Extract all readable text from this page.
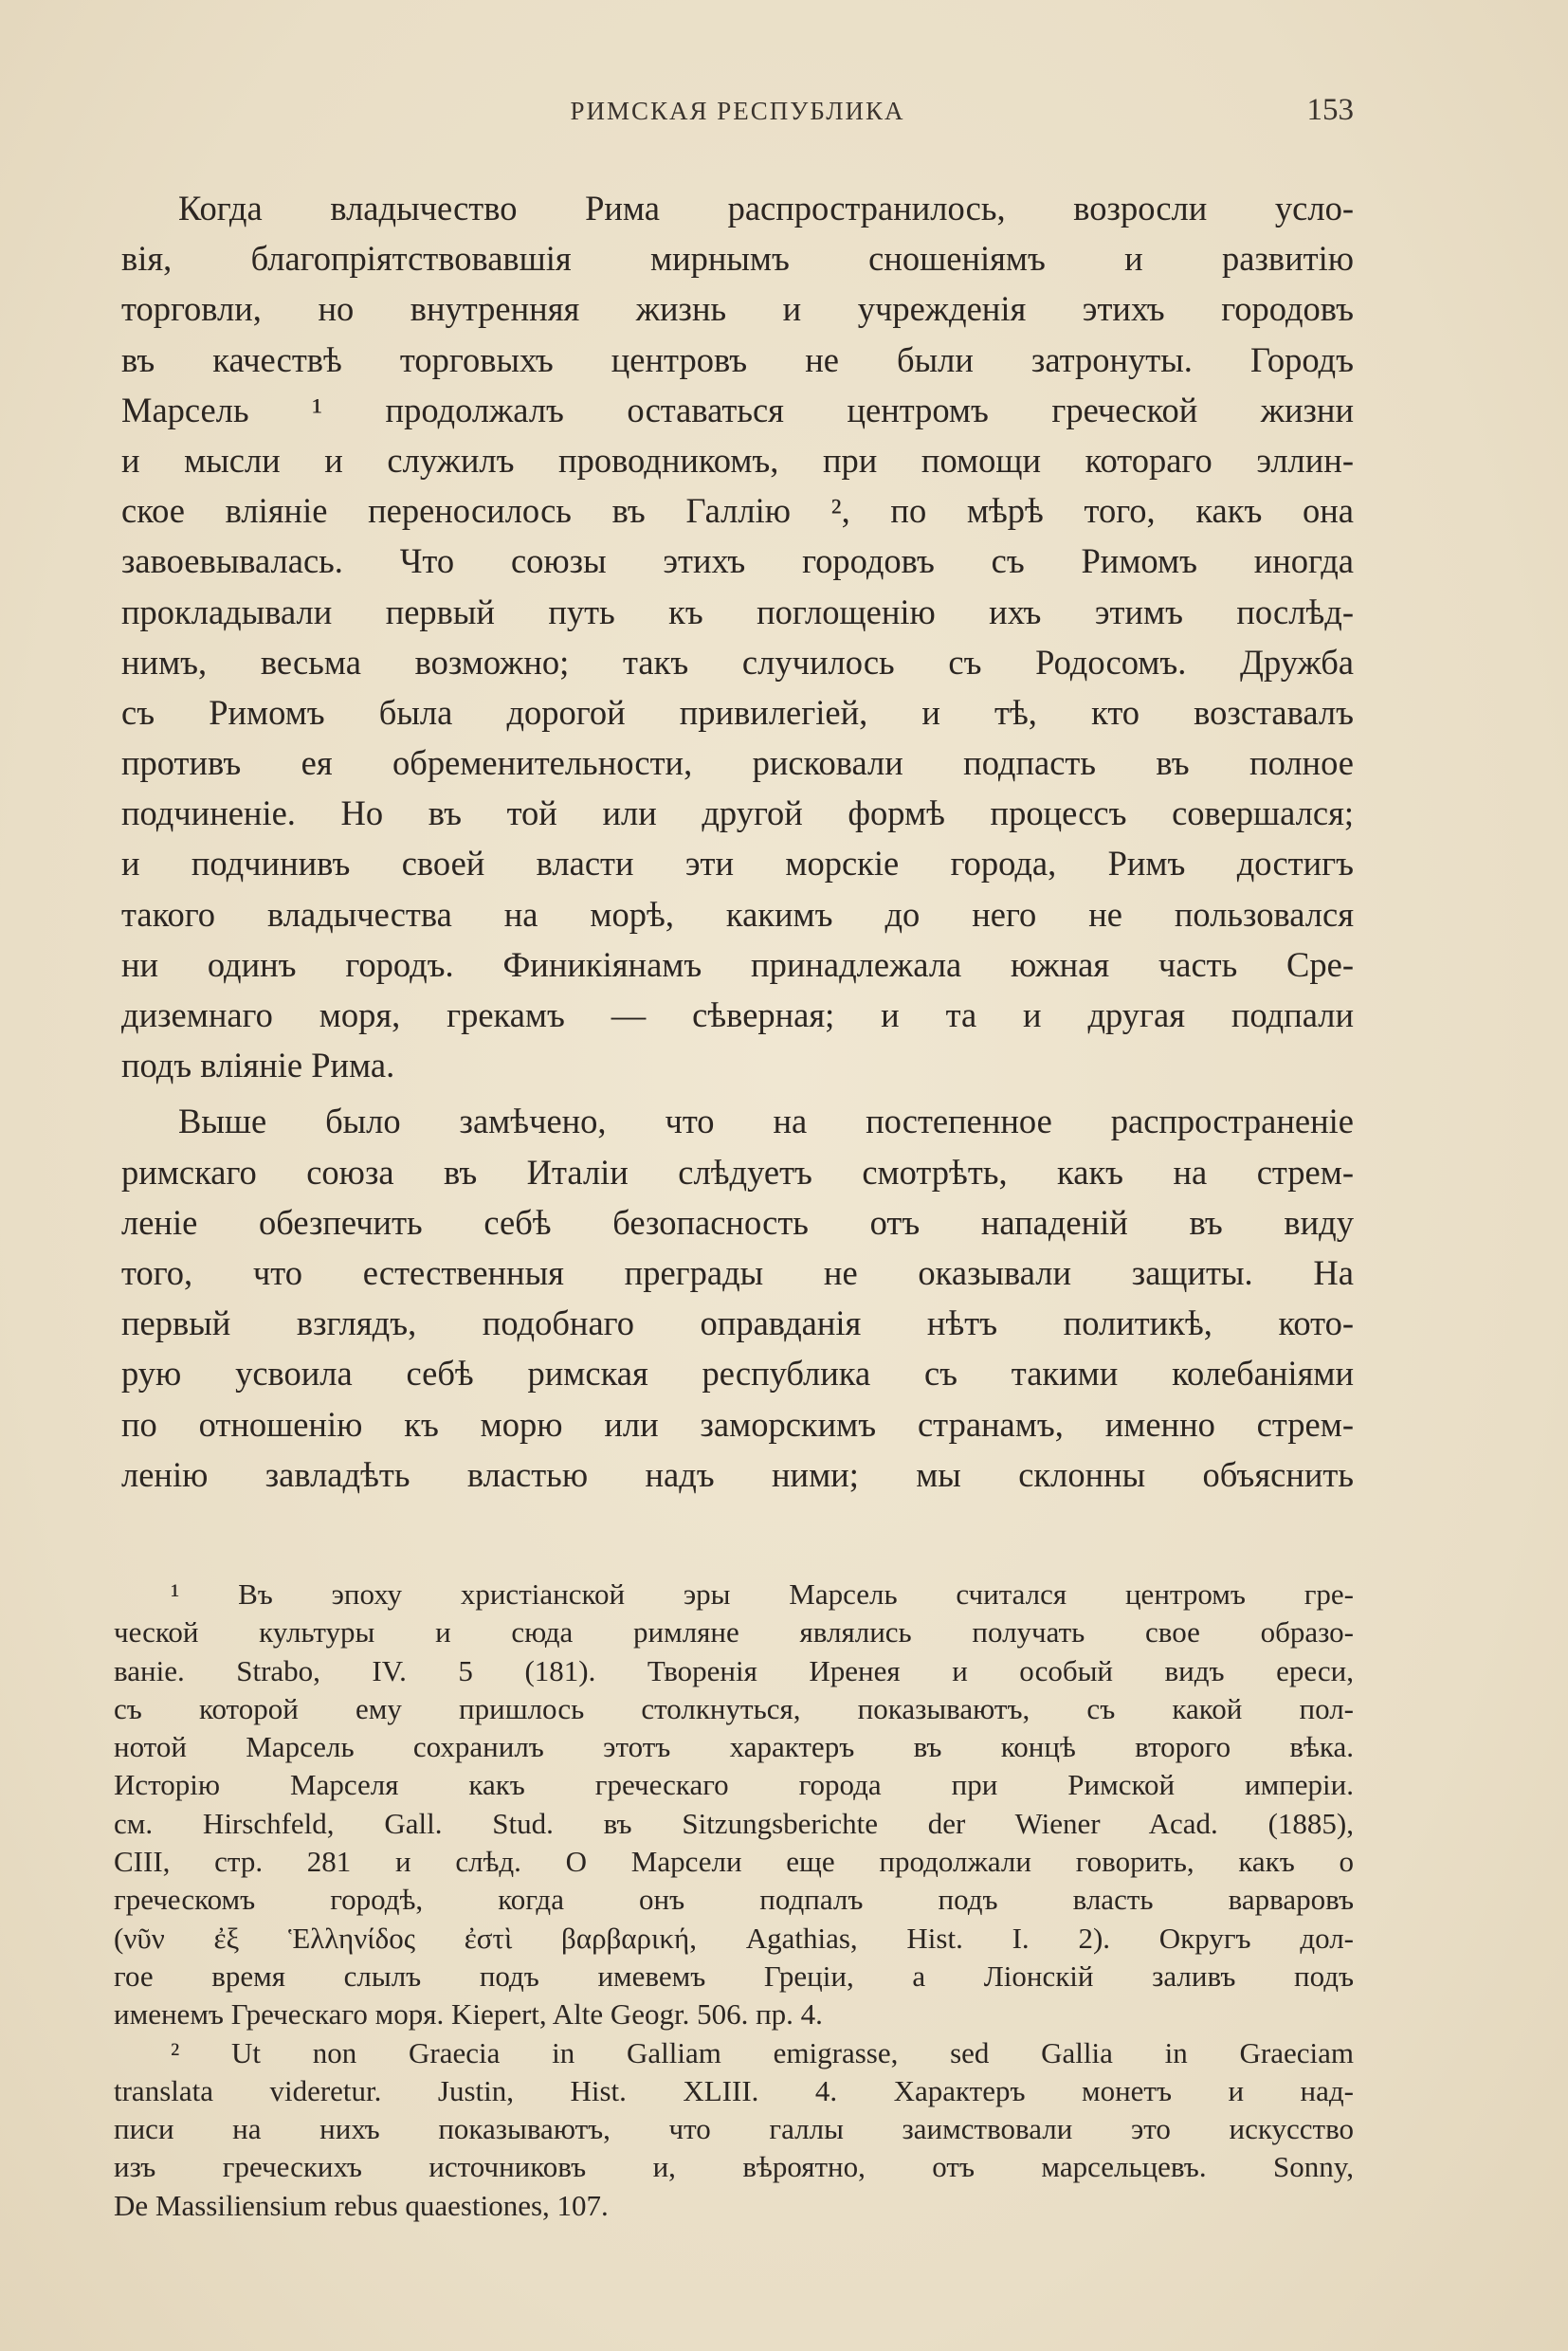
РИМСКАЯ РЕСПУБЛИКА	153
Когда владычество Рима распространилось, возросли усло-
вія, благопріятствовавшія мирнымъ сношеніямъ и развитію
торговли, но внутренняя жизнь и учрежденія этихъ городовъ
въ качествѣ торговыхъ центровъ не были затронуты. Городъ
Марсель ¹ продолжалъ оставаться центромъ греческой жизни
и мысли и служилъ проводникомъ, при помощи котораго эллин-
ское вліяніе переносилось въ Галлію ², по мѣрѣ того, какъ она
завоевывалась. Что союзы этихъ городовъ съ Римомъ иногда
прокладывали первый путь къ поглощенію ихъ этимъ послѣд-
нимъ, весьма возможно; такъ случилось съ Родосомъ. Дружба
съ Римомъ была дорогой привилегіей, и тѣ, кто возставалъ
противъ ея обременительности, рисковали подпасть въ полное
подчиненіе. Но въ той или другой формѣ процессъ совершался;
и подчинивъ своей власти эти морскіе города, Римъ достигъ
такого владычества на морѣ, какимъ до него не пользовался
ни одинъ городъ. Финикіянамъ принадлежала южная часть Сре-
диземнаго моря, грекамъ — сѣверная; и та и другая подпали
подъ вліяніе Рима.
Выше было замѣчено, что на постепенное распространеніе
римскаго союза въ Италіи слѣдуетъ смотрѣть, какъ на стрем-
леніе обезпечить себѣ безопасность отъ нападеній въ виду
того, что естественныя преграды не оказывали защиты. На
первый взглядъ, подобнаго оправданія нѣтъ политикѣ, кото-
рую усвоила себѣ римская республика съ такими колебаніями
по отношенію къ морю или заморскимъ странамъ, именно стрем-
ленію завладѣть властью надъ ними; мы склонны объяснить
¹ Въ эпоху христіанской эры Марсель считался центромъ гре-
ческой культуры и сюда римляне являлись получать свое образо-
ваніе. Strabo, IV. 5 (181). Творенія Иренея и особый видъ ереси,
съ которой ему пришлось столкнуться, показываютъ, съ какой пол-
нотой Марсель сохранилъ этотъ характеръ въ концѣ второго вѣка.
Исторію Марселя какъ греческаго города при Римской имперіи.
см. Hirschfeld, Gall. Stud. въ Sitzungsberichte der Wiener Acad. (1885),
CIII, стр. 281 и слѣд. О Марсели еще продолжали говорить, какъ о
греческомъ городѣ, когда онъ подпалъ подъ власть варваровъ
(νῦν ἐξ Ἑλληνίδος ἐστὶ βαρβαρική, Agathias, Hist. I. 2). Округъ дол-
гое время слылъ подъ имевемъ Греціи, а Ліонскій заливъ подъ
именемъ Греческаго моря. Kiepert, Alte Geogr. 506. пр. 4.
² Ut non Graecia in Galliam emigrasse, sed Gallia in Graeciam
translata videretur. Justin, Hist. XLIII. 4. Характеръ монетъ и над-
писи на нихъ показываютъ, что галлы заимствовали это искусство
изъ греческихъ источниковъ и, вѣроятно, отъ марсельцевъ. Sonny,
De Massiliensium rebus quaestiones, 107.
